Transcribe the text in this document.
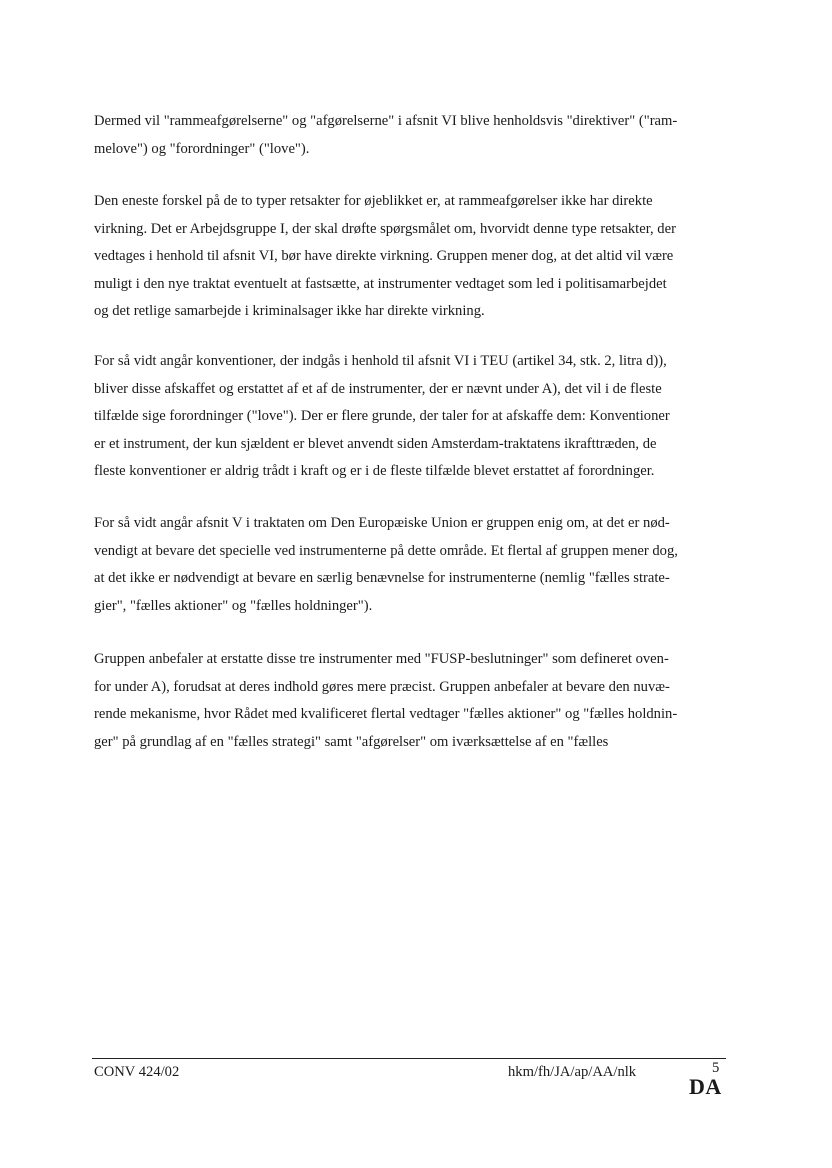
Dermed vil "rammeafgørelserne" og "afgørelserne" i afsnit VI blive henholdsvis "direktiver" ("ram-
melove") og "forordninger" ("love").
Den eneste forskel på de to typer retsakter for øjeblikket er, at rammeafgørelser ikke har direkte
virkning. Det er Arbejdsgruppe I, der skal drøfte spørgsmålet om, hvorvidt denne type retsakter, der
vedtages i henhold til afsnit VI, bør have direkte virkning. Gruppen mener dog, at det altid vil være
muligt i den nye traktat eventuelt at fastsætte, at instrumenter vedtaget som led i politisamarbejdet
og det retlige samarbejde i kriminalsager ikke har direkte virkning.
For så vidt angår konventioner, der indgås i henhold til afsnit VI i TEU (artikel 34, stk. 2, litra d)),
bliver disse afskaffet og erstattet af et af de instrumenter, der er nævnt under A), det vil i de fleste
tilfælde sige forordninger ("love"). Der er flere grunde, der taler for at afskaffe dem: Konventioner
er et instrument, der kun sjældent er blevet anvendt siden Amsterdam-traktatens ikrafttræden, de
fleste konventioner er aldrig trådt i kraft og er i de fleste tilfælde blevet erstattet af forordninger.
For så vidt angår afsnit V i traktaten om Den Europæiske Union er gruppen enig om, at det er nød-
vendigt at bevare det specielle ved instrumenterne på dette område. Et flertal af gruppen mener dog,
at det ikke er nødvendigt at bevare en særlig benævnelse for instrumenterne (nemlig "fælles strate-
gier", "fælles aktioner" og "fælles holdninger").
Gruppen anbefaler at erstatte disse tre instrumenter med "FUSP-beslutninger" som defineret oven-
for under A), forudsat at deres indhold gøres mere præcist. Gruppen anbefaler at bevare den nuvæ-
rende mekanisme, hvor Rådet med kvalificeret flertal vedtager "fælles aktioner" og "fælles holdnin-
ger" på grundlag af en "fælles strategi" samt "afgørelser" om iværksættelse af en "fælles
CONV 424/02	hkm/fh/JA/ap/AA/nlk	5
DA
